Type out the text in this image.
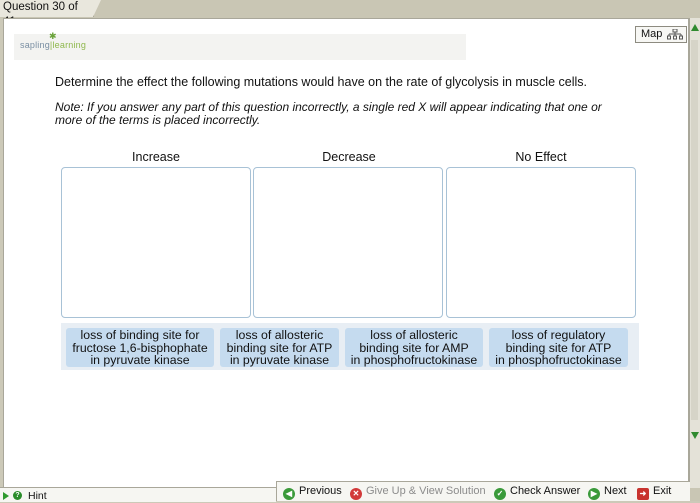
Question 30 of
sapling|learning
✱	Map
Determine the effect the following mutations would have on the rate of glycolysis in muscle cells.
Note: If you answer any part of this question incorrectly, a single red X will appear indicating that one or
more of the terms is placed incorrectly.
Increase	Decrease	No Effect
loss of binding site for
fructose 1,6-bisphophate
in pyruvate kinase
loss of allosteric
binding site for ATP
in pyruvate kinase
loss of allosteric
binding site for AMP
in phosphofructokinase
loss of regulatory
binding site for ATP
in phosphofructokinase
? Hint	◀ Previous	✕ Give Up & View Solution	✓ Check Answer	▶ Next	➜ Exit
